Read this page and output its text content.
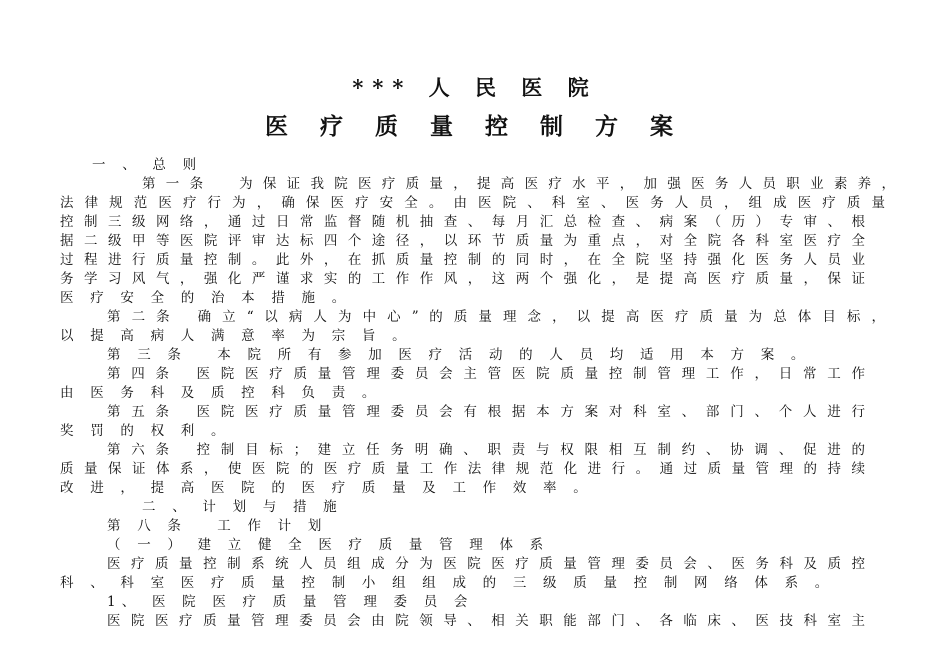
*** 人 民 医 院
医 疗 质 量 控 制 方 案
一 、 总 则
第 一 条　　为 保 证 我 院 医 疗 质 量 ， 提 高 医 疗 水 平 ， 加 强 医 务 人 员 职 业 素 养 ，
法 律 规 范 医 疗 行 为 ， 确 保 医 疗 安 全 。 由 医 院 、 科 室 、 医 务 人 员 ， 组 成 医 疗 质 量
控 制 三 级 网 络 ， 通 过 日 常 监 督 随 机 抽 查 、 每 月 汇 总 检 查 、 病 案 （ 历 ） 专 审 、 根
据 二 级 甲 等 医 院 评 审 达 标 四 个 途 径 ， 以 环 节 质 量 为 重 点 ， 对 全 院 各 科 室 医 疗 全
过 程 进 行 质 量 控 制 。 此 外 ， 在 抓 质 量 控 制 的 同 时 ， 在 全 院 坚 持 强 化 医 务 人 员 业
务 学 习 风 气 ， 强 化 严 谨 求 实 的 工 作 作 风 ， 这 两 个 强 化 ， 是 提 高 医 疗 质 量 ， 保 证
医 疗 安 全 的 治 本 措 施 。
第 二 条　 确 立 “ 以 病 人 为 中 心 ” 的 质 量 理 念 ， 以 提 高 医 疗 质 量 为 总 体 目 标 ，
以 提 高 病 人 满 意 率 为 宗 旨 。
第 三 条　 本 院 所 有 参 加 医 疗 活 动 的 人 员 均 适 用 本 方 案 。
第 四 条　 医 院 医 疗 质 量 管 理 委 员 会 主 管 医 院 质 量 控 制 管 理 工 作 ， 日 常 工 作
由 医 务 科 及 质 控 科 负 责 。
第 五 条　 医 院 医 疗 质 量 管 理 委 员 会 有 根 据 本 方 案 对 科 室 、 部 门 、 个 人 进 行
奖 罚 的 权 利 。
第 六 条　 控 制 目 标 ； 建 立 任 务 明 确 、 职 责 与 权 限 相 互 制 约 、 协 调 、 促 进 的
质 量 保 证 体 系 ， 使 医 院 的 医 疗 质 量 工 作 法 律 规 范 化 进 行 。 通 过 质 量 管 理 的 持 续
改 进 ， 提 高 医 院 的 医 疗 质 量 及 工 作 效 率 。
二 、 计 划 与 措 施
第 八 条　 工 作 计 划
（ 一 ） 建 立 健 全 医 疗 质 量 管 理 体 系
医 疗 质 量 控 制 系 统 人 员 组 成 分 为 医 院 医 疗 质 量 管 理 委 员 会 、 医 务 科 及 质 控
科 、 科 室 医 疗 质 量 控 制 小 组 组 成 的 三 级 质 量 控 制 网 络 体 系 。
1、 医 院 医 疗 质 量 管 理 委 员 会
医 院 医 疗 质 量 管 理 委 员 会 由 院 领 导 、 相 关 职 能 部 门 、 各 临 床 、 医 技 科 室 主
